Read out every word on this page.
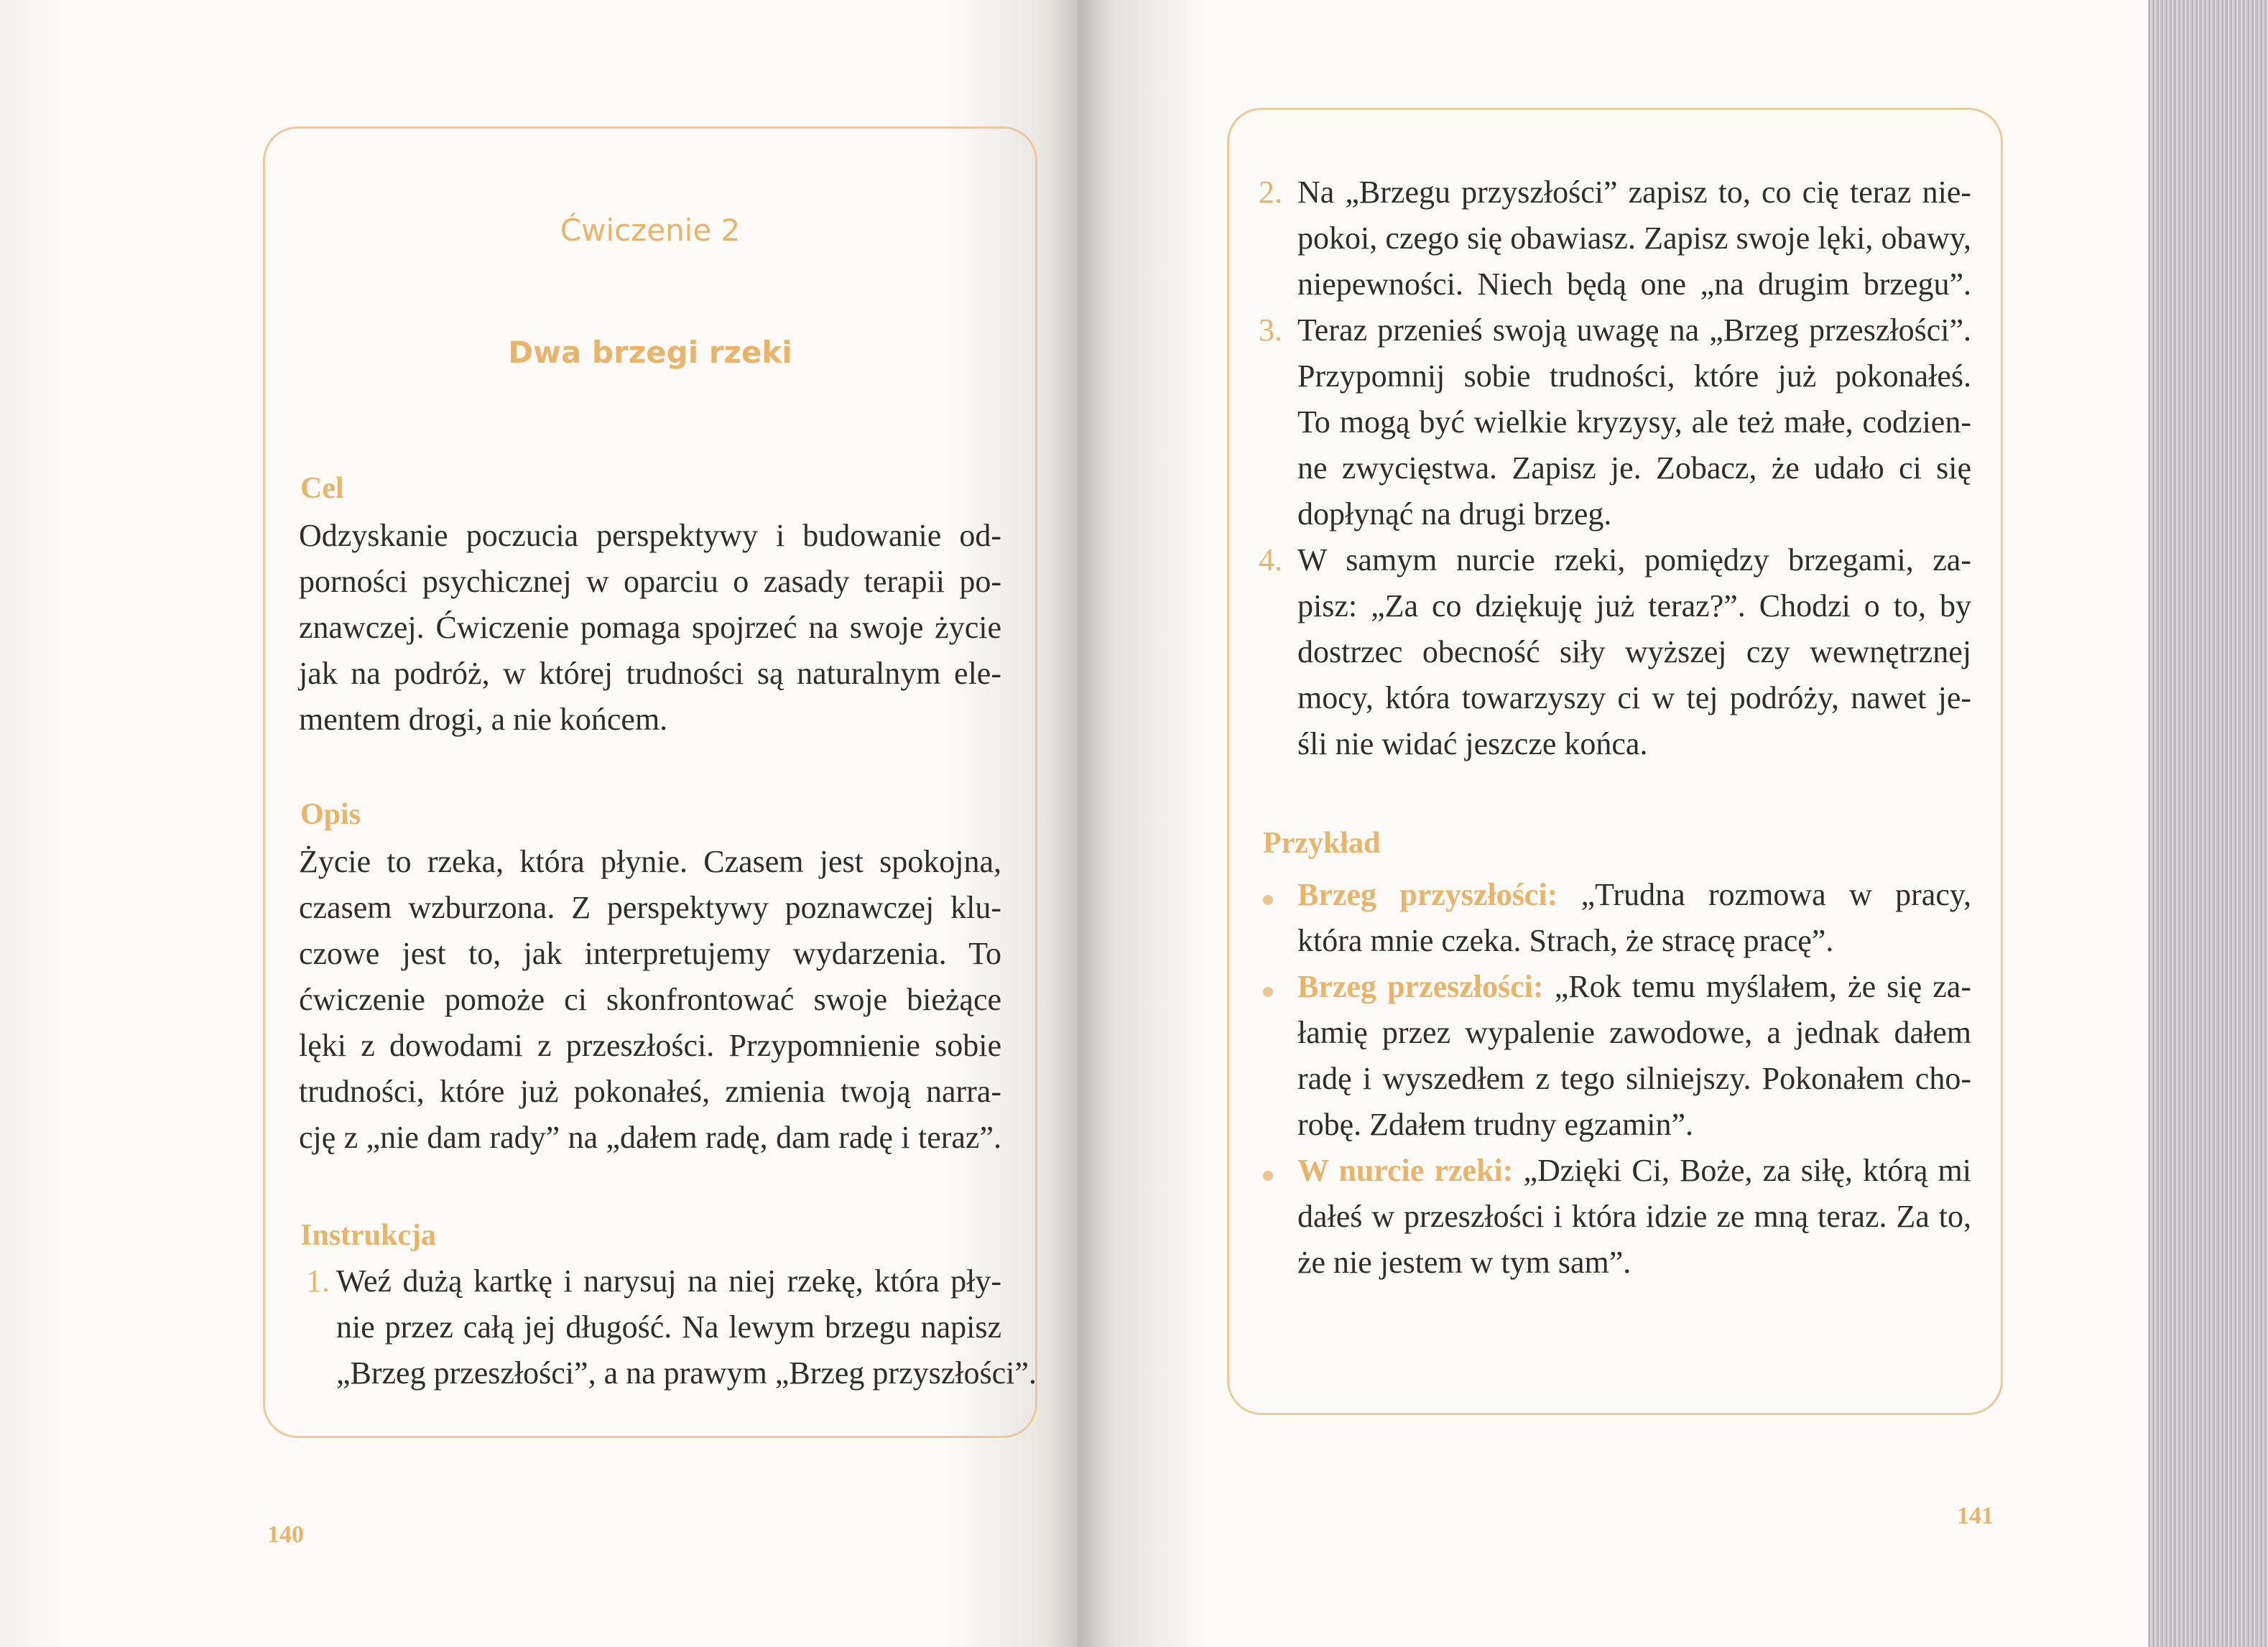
Ćwiczenie 2
Dwa brzegi rzeki
Cel
Odzyskanie poczucia perspektywy i budowanie od-
porności psychicznej w oparciu o zasady terapii po-
znawczej. Ćwiczenie pomaga spojrzeć na swoje życie
jak na podróż, w której trudności są naturalnym ele-
mentem drogi, a nie końcem.
Opis
Życie to rzeka, która płynie. Czasem jest spokojna,
czasem wzburzona. Z perspektywy poznawczej klu-
czowe jest to, jak interpretujemy wydarzenia. To
ćwiczenie pomoże ci skonfrontować swoje bieżące
lęki z dowodami z przeszłości. Przypomnienie sobie
trudności, które już pokonałeś, zmienia twoją narra-
cję z „nie dam rady” na „dałem radę, dam radę i teraz”.
Instrukcja
1. Weź dużą kartkę i narysuj na niej rzekę, która pły-
nie przez całą jej długość. Na lewym brzegu napisz
„Brzeg przeszłości”, a na prawym „Brzeg przyszłości”.
140
2. Na „Brzegu przyszłości” zapisz to, co cię teraz nie-
pokoi, czego się obawiasz. Zapisz swoje lęki, obawy,
niepewności. Niech będą one „na drugim brzegu”.
3. Teraz przenieś swoją uwagę na „Brzeg przeszłości”.
Przypomnij sobie trudności, które już pokonałeś.
To mogą być wielkie kryzysy, ale też małe, codzien-
ne zwycięstwa. Zapisz je. Zobacz, że udało ci się
dopłynąć na drugi brzeg.
4. W samym nurcie rzeki, pomiędzy brzegami, za-
pisz: „Za co dziękuję już teraz?”. Chodzi o to, by
dostrzec obecność siły wyższej czy wewnętrznej
mocy, która towarzyszy ci w tej podróży, nawet je-
śli nie widać jeszcze końca.
Przykład
Brzeg przyszłości: „Trudna rozmowa w pracy,
która mnie czeka. Strach, że stracę pracę”.
Brzeg przeszłości: „Rok temu myślałem, że się za-
łamię przez wypalenie zawodowe, a jednak dałem
radę i wyszedłem z tego silniejszy. Pokonałem cho-
robę. Zdałem trudny egzamin”.
W nurcie rzeki: „Dzięki Ci, Boże, za siłę, którą mi
dałeś w przeszłości i która idzie ze mną teraz. Za to,
że nie jestem w tym sam”.
141
